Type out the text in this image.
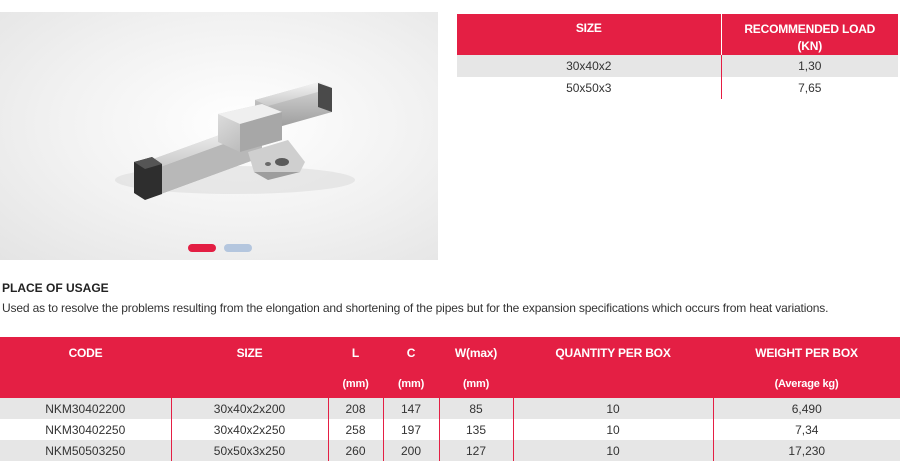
SIZE	RECOMMENDED LOAD
(KN)

30x40x2	1,30
50x50x3	7,65
PLACE OF USAGE
Used as to resolve the problems resulting from the elongation and shortening of the pipes but for the expansion specifications which occurs from heat variations.
CODE	SIZE	L	C	W(max)	QUANTITY PER BOX	WEIGHT PER BOX
		(mm)	(mm)	(mm)		(Average kg)
NKM30402200	30x40x2x200	208	147	85	10	6,490
NKM30402250	30x40x2x250	258	197	135	10	7,34
NKM50503250	50x50x3x250	260	200	127	10	17,230
